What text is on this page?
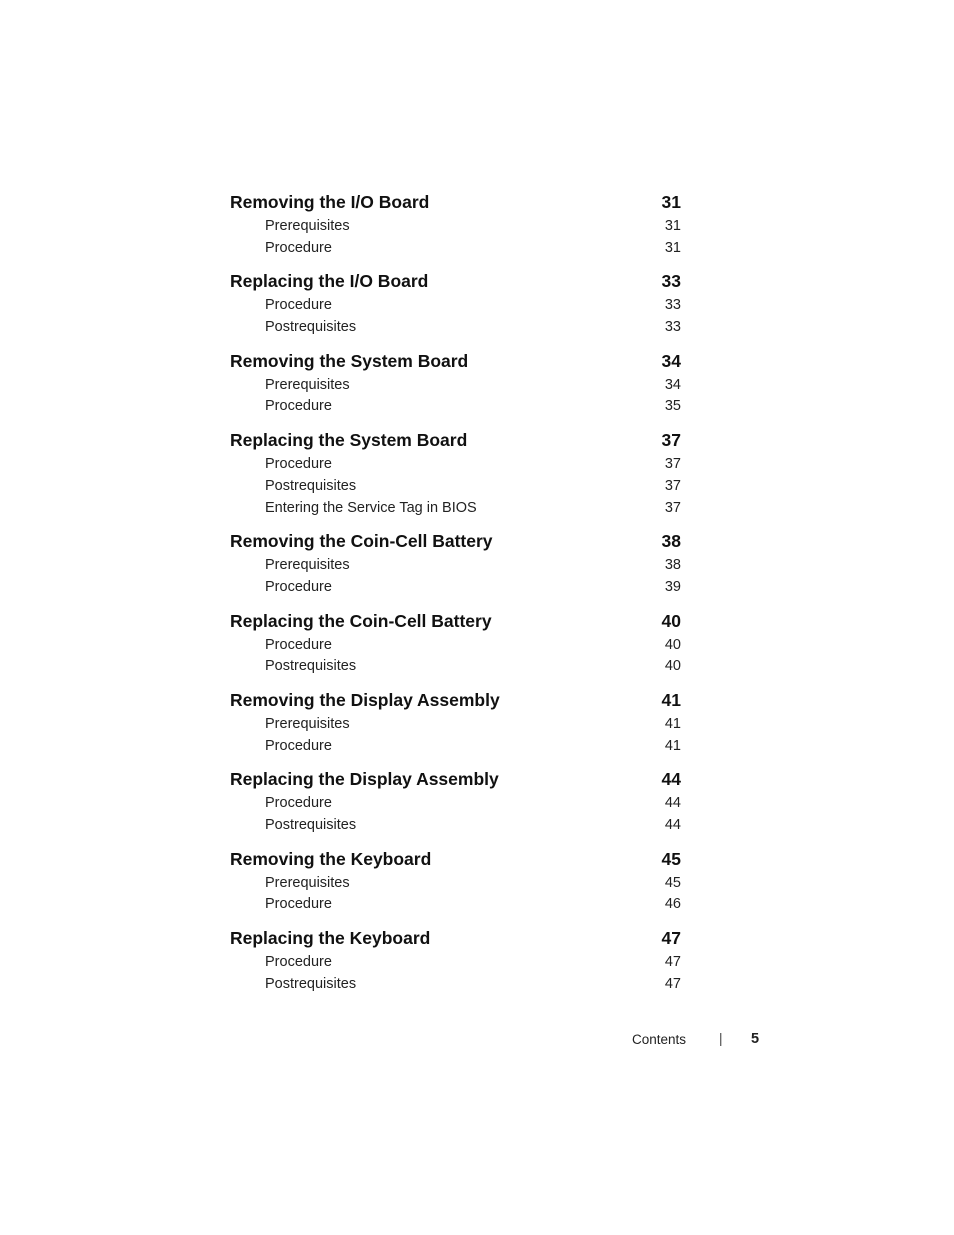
Removing the I/O Board	31
Prerequisites	31
Procedure	31
Replacing the I/O Board	33
Procedure	33
Postrequisites	33
Removing the System Board	34
Prerequisites	34
Procedure	35
Replacing the System Board	37
Procedure	37
Postrequisites	37
Entering the Service Tag in BIOS	37
Removing the Coin-Cell Battery	38
Prerequisites	38
Procedure	39
Replacing the Coin-Cell Battery	40
Procedure	40
Postrequisites	40
Removing the Display Assembly	41
Prerequisites	41
Procedure	41
Replacing the Display Assembly	44
Procedure	44
Postrequisites	44
Removing the Keyboard	45
Prerequisites	45
Procedure	46
Replacing the Keyboard	47
Procedure	47
Postrequisites	47
Contents | 5
